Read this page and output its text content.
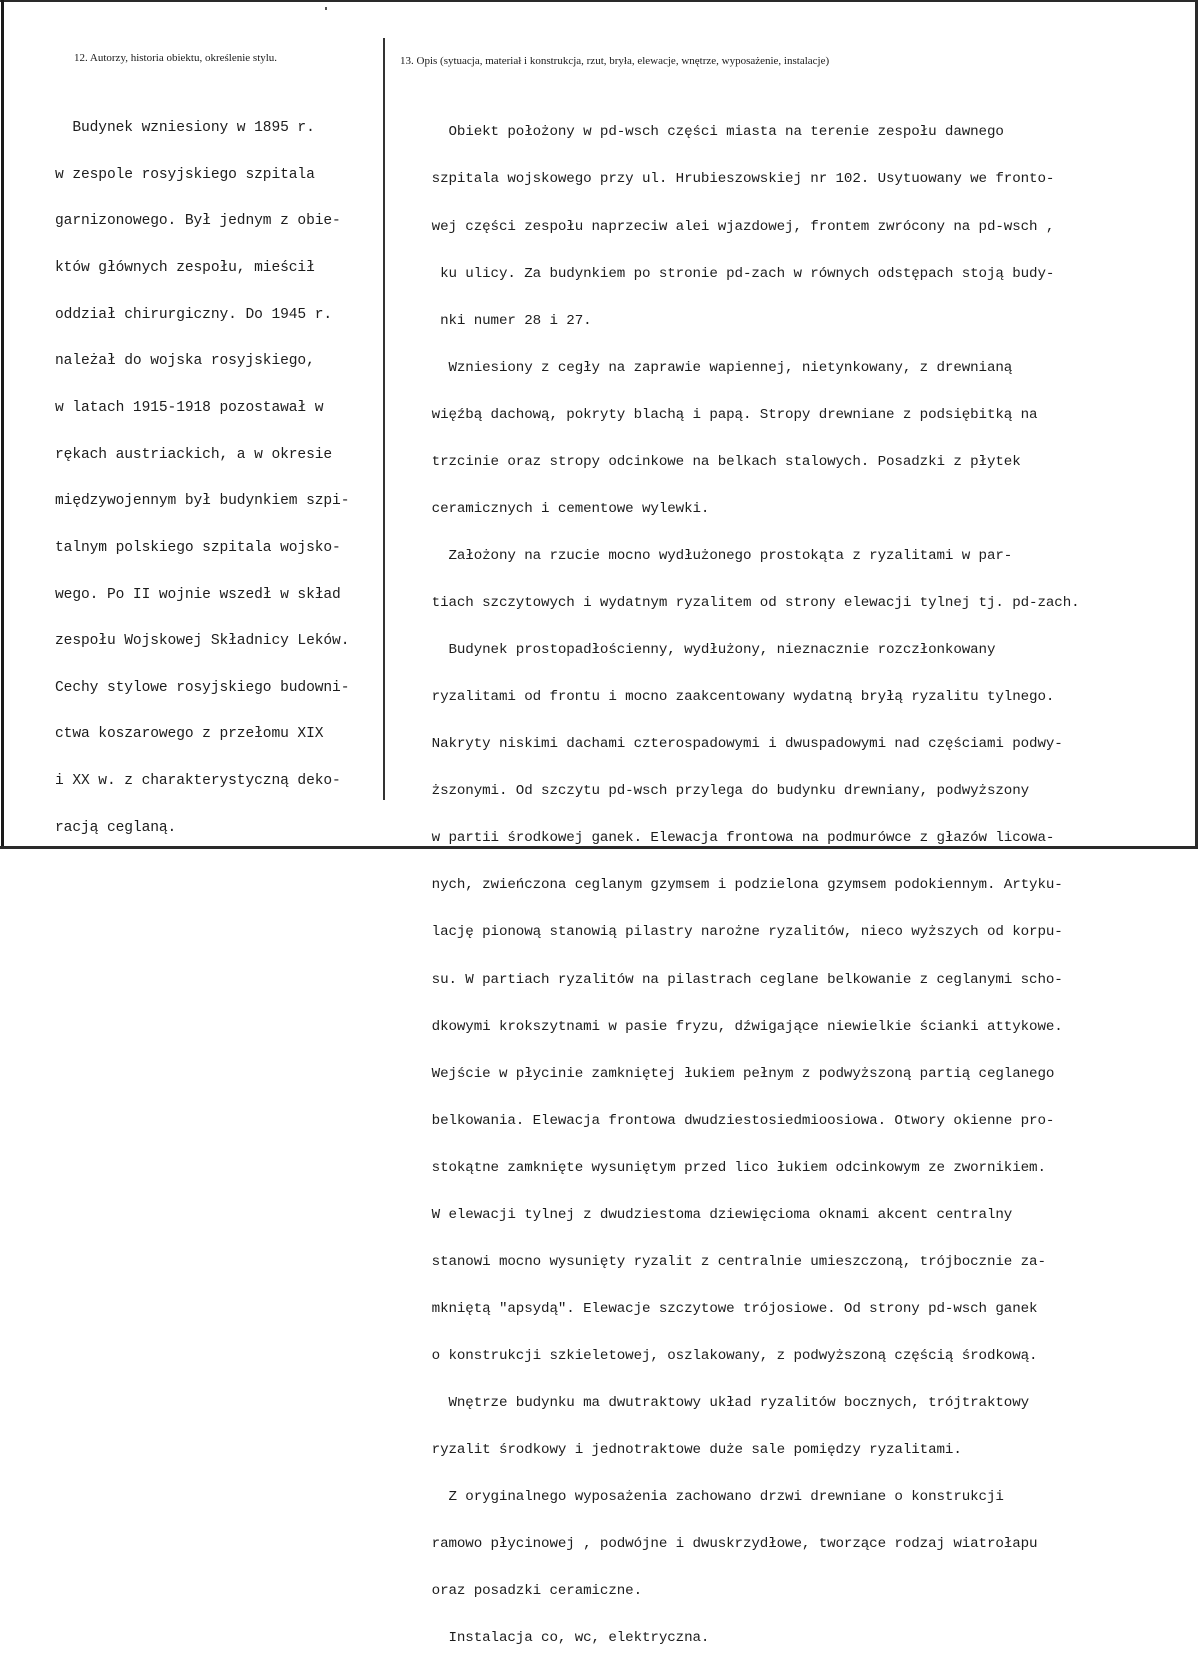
12. Autorzy, historia obiektu, określenie stylu.	13. Opis (sytuacja, materiał i konstrukcja, rzut, bryła, elewacje, wnętrze, wyposażenie, instalacje)

Budynek wzniesiony w 1895 r.

w zespole rosyjskiego szpitala

garnizonowego. Był jednym z obie-

któw głównych zespołu, mieścił

oddział chirurgiczny. Do 1945 r.

należał do wojska rosyjskiego,

w latach 1915-1918 pozostawał w

rękach austriackich, a w okresie

międzywojennym był budynkiem szpi-

talnym polskiego szpitala wojsko-

wego. Po II wojnie wszedł w skład

zespołu Wojskowej Składnicy Leków.

Cechy stylowe rosyjskiego budowni-

ctwa koszarowego z przełomu XIX

i XX w. z charakterystyczną deko-

racją ceglaną.

Obiekt położony w pd-wsch części miasta na terenie zespołu dawnego

szpitala wojskowego przy ul. Hrubieszowskiej nr 102. Usytuowany we fronto-

wej części zespołu naprzeciw alei wjazdowej, frontem zwrócony na pd-wsch ,

ku ulicy. Za budynkiem po stronie pd-zach w równych odstępach stoją budy-

nki numer 28 i 27.

Wzniesiony z cegły na zaprawie wapiennej, nietynkowany, z drewnianą

więźbą dachową, pokryty blachą i papą. Stropy drewniane z podsiębitką na

trzcinie oraz stropy odcinkowe na belkach stalowych. Posadzki z płytek

ceramicznych i cementowe wylewki.

Założony na rzucie mocno wydłużonego prostokąta z ryzalitami w par-

tiach szczytowych i wydatnym ryzalitem od strony elewacji tylnej tj. pd-zach.

Budynek prostopadłościenny, wydłużony, nieznacznie rozczłonkowany

ryzalitami od frontu i mocno zaakcentowany wydatną bryłą ryzalitu tylnego.

Nakryty niskimi dachami czterospadowymi i dwuspadowymi nad częściami podwy-

ższonymi. Od szczytu pd-wsch przylega do budynku drewniany, podwyższony

w partii środkowej ganek. Elewacja frontowa na podmurówce z głazów licowa-

nych, zwieńczona ceglanym gzymsem i podzielona gzymsem podokiennym. Artyku-

lację pionową stanowią pilastry narożne ryzalitów, nieco wyższych od korpu-

su. W partiach ryzalitów na pilastrach ceglane belkowanie z ceglanymi scho-

dkowymi krokszytnami w pasie fryzu, dźwigające niewielkie ścianki attykowe.

Wejście w płycinie zamkniętej łukiem pełnym z podwyższoną partią ceglanego

belkowania. Elewacja frontowa dwudziestosiedmioosiowa. Otwory okienne pro-

stokątne zamknięte wysuniętym przed lico łukiem odcinkowym ze zwornikiem.

W elewacji tylnej z dwudziestoma dziewięcioma oknami akcent centralny

stanowi mocno wysunięty ryzalit z centralnie umieszczoną, trójbocznie za-

mkniętą "apsydą". Elewacje szczytowe trójosiowe. Od strony pd-wsch ganek

o konstrukcji szkieletowej, oszlakowany, z podwyższoną częścią środkową.

Wnętrze budynku ma dwutraktowy układ ryzalitów bocznych, trójtraktowy

ryzalit środkowy i jednotraktowe duże sale pomiędzy ryzalitami.

Z oryginalnego wyposażenia zachowano drzwi drewniane o konstrukcji

ramowo płycinowej , podwójne i dwuskrzydłowe, tworzące rodzaj wiatrołapu

oraz posadzki ceramiczne.

Instalacja co, wc, elektryczna.
